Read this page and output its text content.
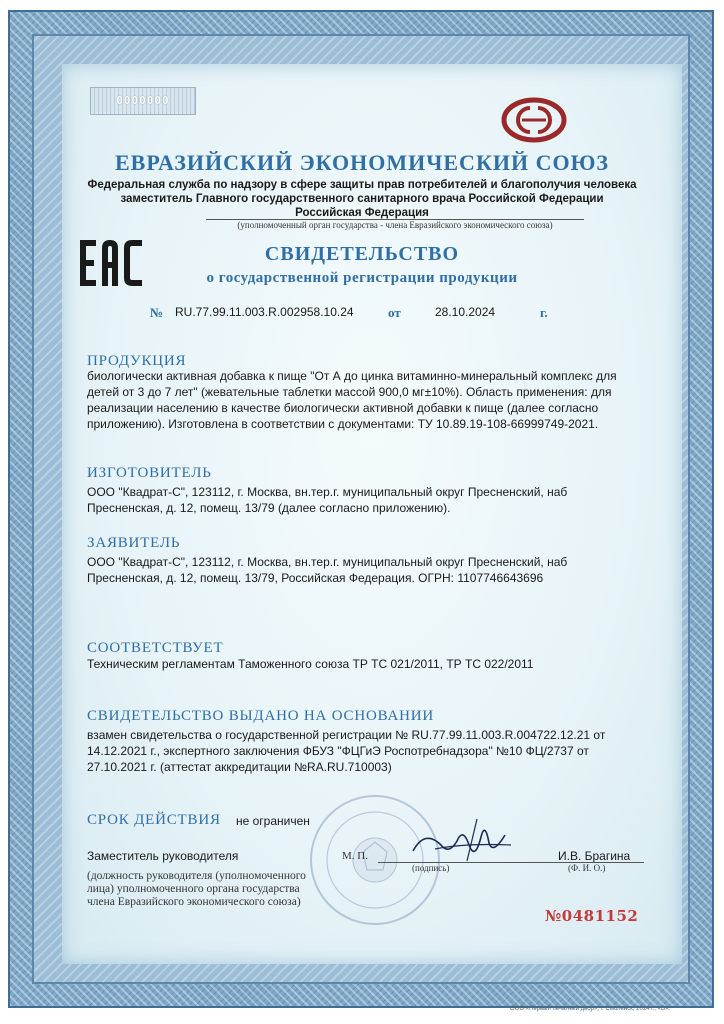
0000000
ЕВРАЗИЙСКИЙ ЭКОНОМИЧЕСКИЙ СОЮЗ
Федеральная служба по надзору в сфере защиты прав потребителей и благополучия человека
заместитель Главного государственного санитарного врача Российской Федерации
Российская Федерация
(уполномоченный орган государства - члена Евразийского экономического союза)
СВИДЕТЕЛЬСТВО
о государственной регистрации продукции
№ RU.77.99.11.003.R.002958.10.24	от	28.10.2024	г.
ПРОДУКЦИЯ
биологически активная добавка к пище "От А до цинка витаминно-минеральный комплекс для
детей от 3 до 7 лет" (жевательные таблетки массой 900,0 мг±10%). Область применения: для
реализации населению в качестве биологически активной добавки к пище (далее согласно
приложению). Изготовлена в соответствии с документами: ТУ 10.89.19-108-66999749-2021.
ИЗГОТОВИТЕЛЬ
ООО "Квадрат-С", 123112, г. Москва, вн.тер.г. муниципальный округ Пресненский, наб
Пресненская, д. 12, помещ. 13/79 (далее согласно приложению).
ЗАЯВИТЕЛЬ
ООО "Квадрат-С", 123112, г. Москва, вн.тер.г. муниципальный округ Пресненский, наб
Пресненская, д. 12, помещ. 13/79, Российская Федерация. ОГРН: 1107746643696
СООТВЕТСТВУЕТ
Техническим регламентам Таможенного союза ТР ТС 021/2011, ТР ТС 022/2011
СВИДЕТЕЛЬСТВО ВЫДАНО НА ОСНОВАНИИ
взамен свидетельства о государственной регистрации № RU.77.99.11.003.R.004722.12.21 от
14.12.2021 г., экспертного заключения ФБУЗ "ФЦГиЭ Роспотребнадзора" №10 ФЦ/2737 от
27.10.2021 г. (аттестат аккредитации №RA.RU.710003)
СРОК ДЕЙСТВИЯ не ограничен
Заместитель руководителя	М. П.
(подпись)
И.В. Брагина
(Ф. И. О.)
(должность руководителя (уполномоченного
лица) уполномоченного органа государства
члена Евразийского экономического союза)
№0481152
ООО «Первый печатный двор», г. Смоленск, 2024 г., «В».
